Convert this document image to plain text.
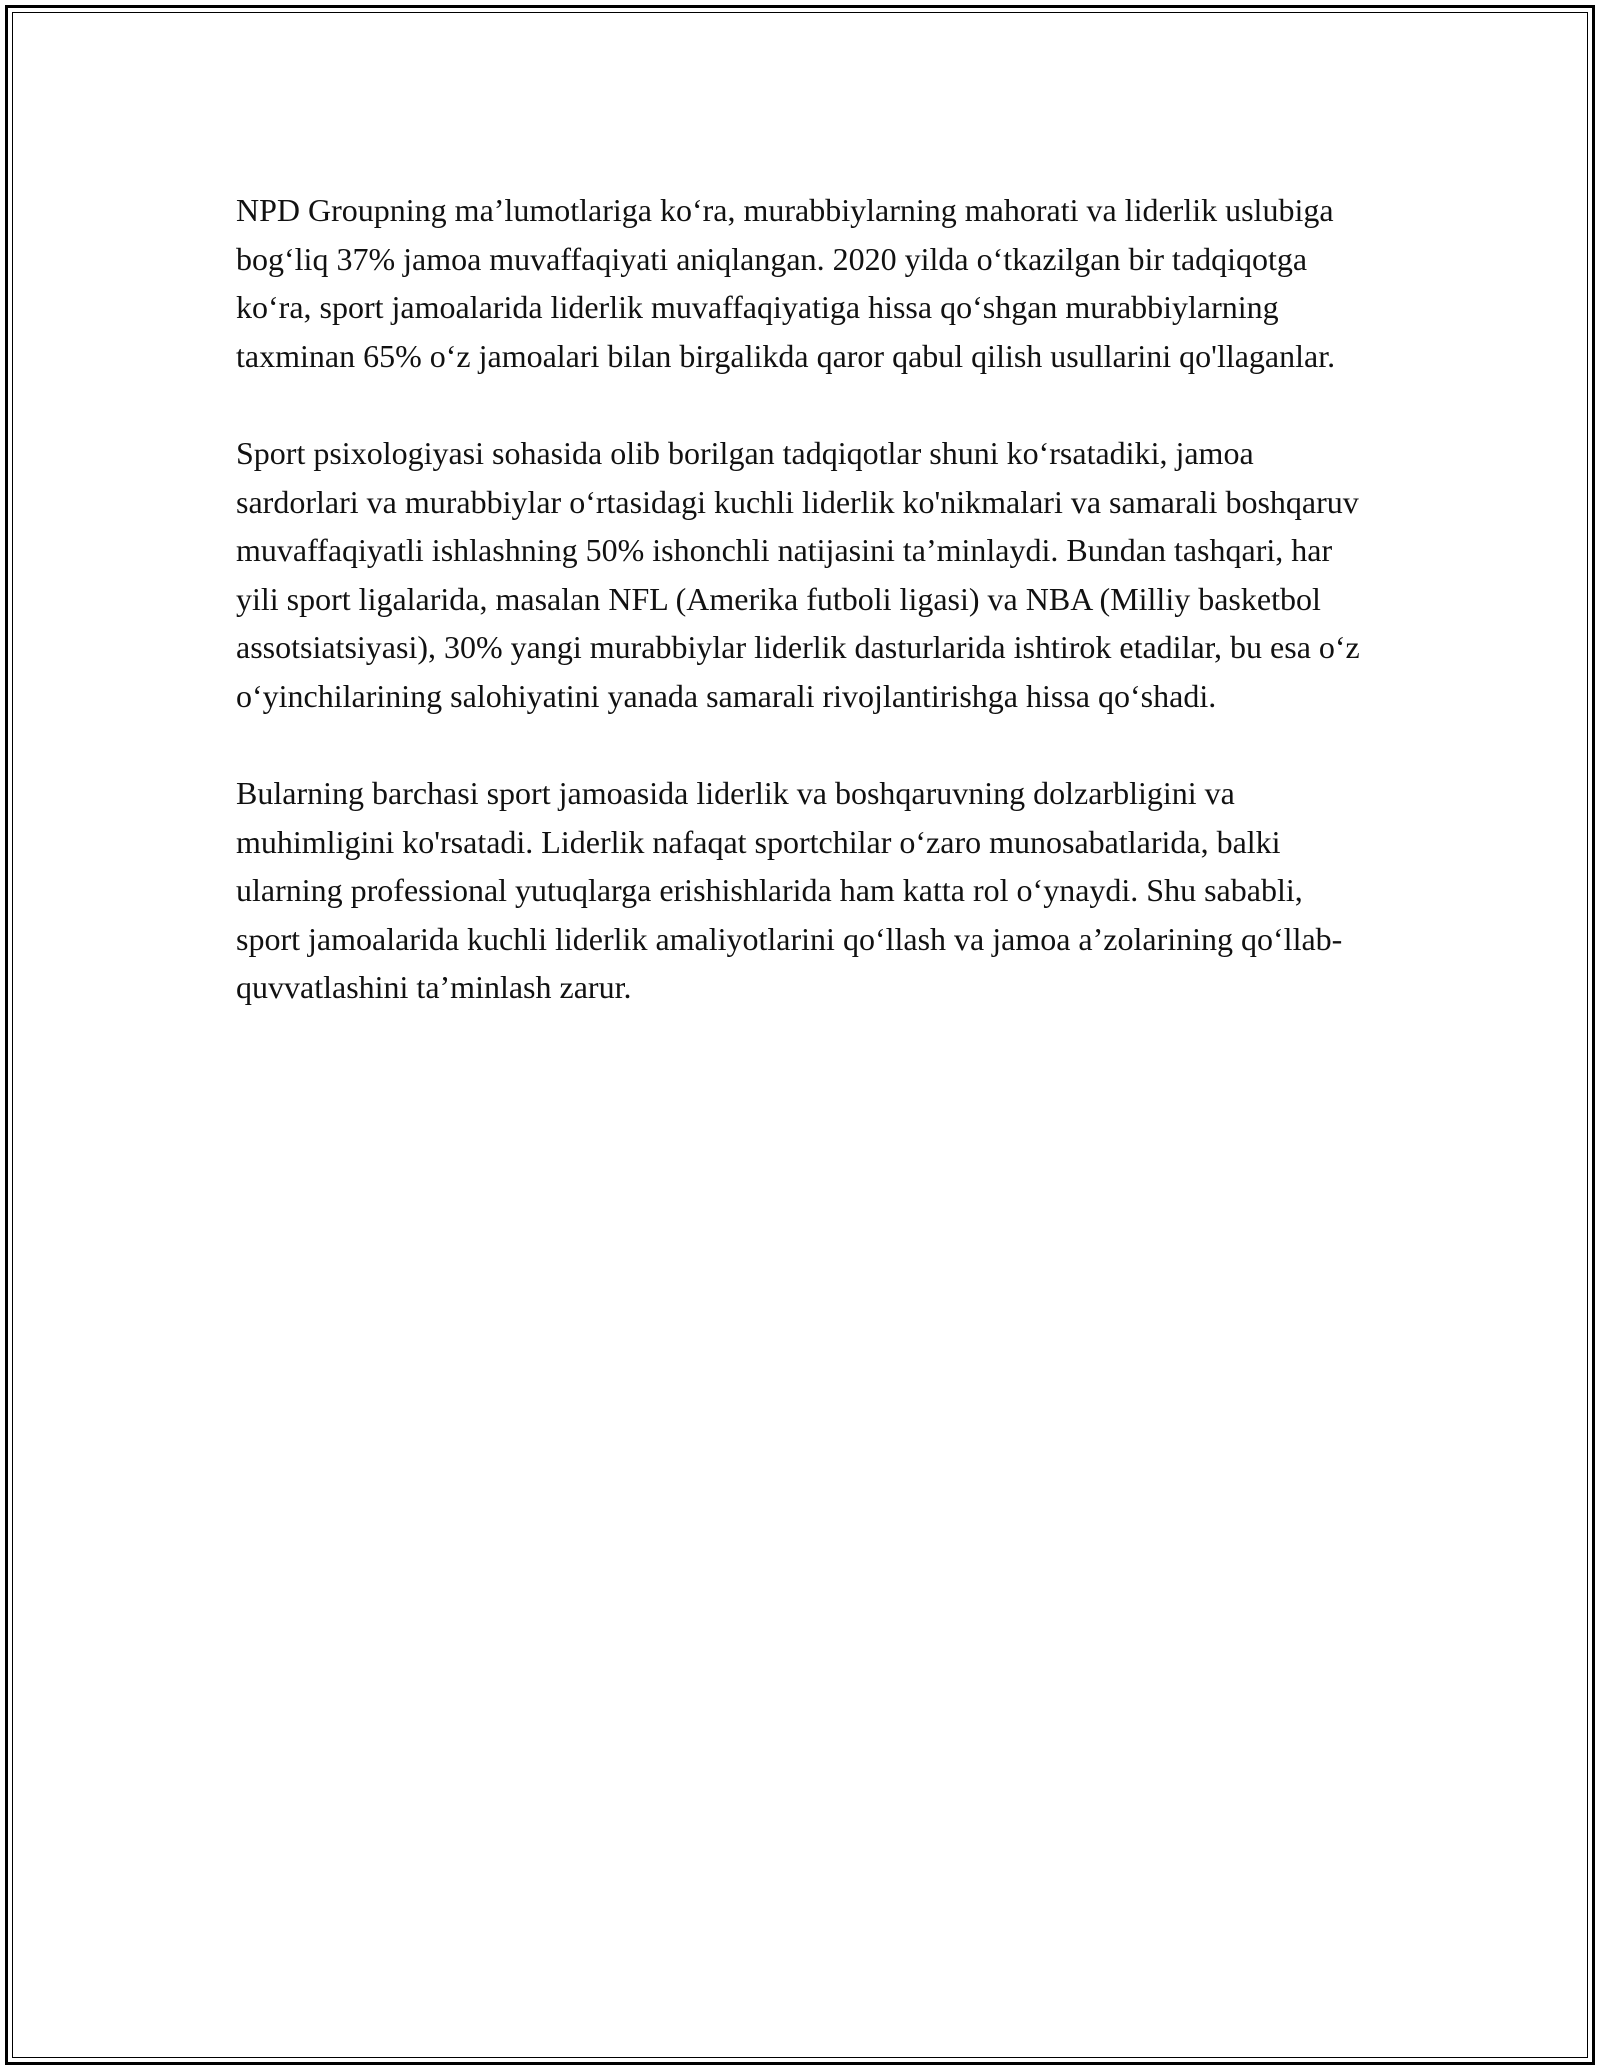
NPD Groupning ma’lumotlariga ko‘ra, murabbiylarning mahorati va liderlik uslubiga bog‘liq 37% jamoa muvaffaqiyati aniqlangan. 2020 yilda o‘tkazilgan bir tadqiqotga ko‘ra, sport jamoalarida liderlik muvaffaqiyatiga hissa qo‘shgan murabbiylarning taxminan 65% o‘z jamoalari bilan birgalikda qaror qabul qilish usullarini qo'llaganlar.

Sport psixologiyasi sohasida olib borilgan tadqiqotlar shuni ko‘rsatadiki, jamoa sardorlari va murabbiylar o‘rtasidagi kuchli liderlik ko'nikmalari va samarali boshqaruv muvaffaqiyatli ishlashning 50% ishonchli natijasini ta’minlaydi. Bundan tashqari, har yili sport ligalarida, masalan NFL (Amerika futboli ligasi) va NBA (Milliy basketbol assotsiatsiyasi), 30% yangi murabbiylar liderlik dasturlarida ishtirok etadilar, bu esa o‘z o‘yinchilarining salohiyatini yanada samarali rivojlantirishga hissa qo‘shadi.

Bularning barchasi sport jamoasida liderlik va boshqaruvning dolzarbligini va muhimligini ko'rsatadi. Liderlik nafaqat sportchilar o‘zaro munosabatlarida, balki ularning professional yutuqlarga erishishlarida ham katta rol o‘ynaydi. Shu sababli, sport jamoalarida kuchli liderlik amaliyotlarini qo‘llash va jamoa a’zolarining qo‘llab-quvvatlashini ta’minlash zarur.
